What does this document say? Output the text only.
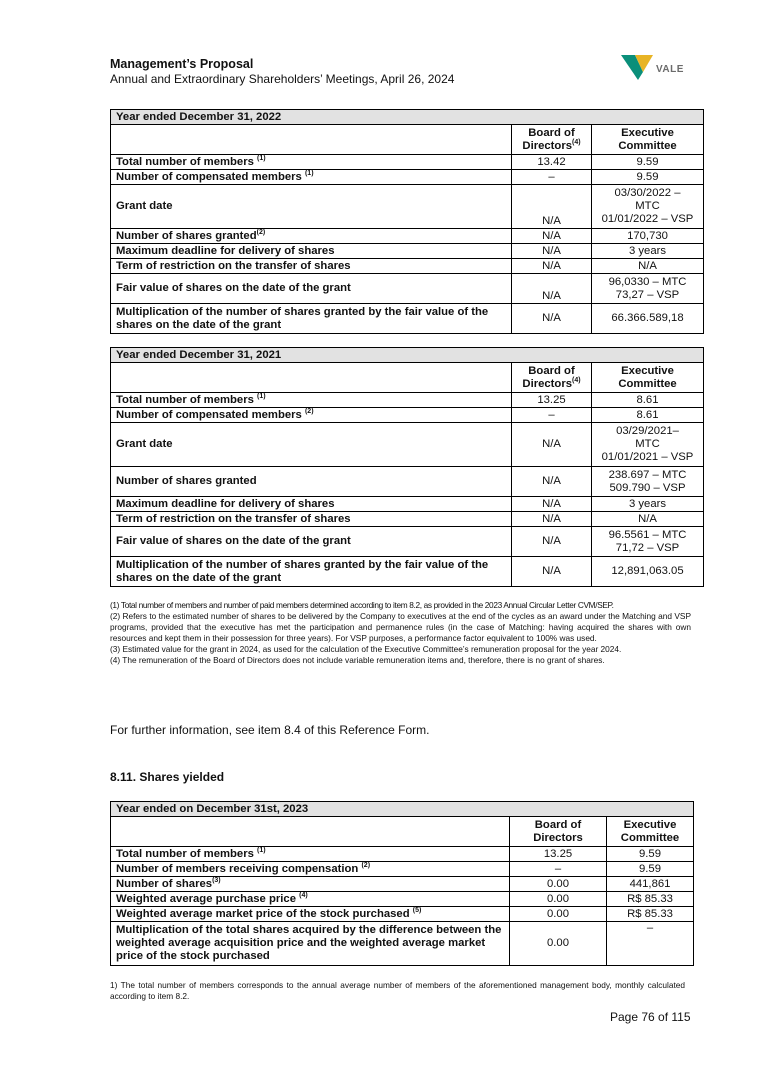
Management’s Proposal
Annual and Extraordinary Shareholders’ Meetings, April 26, 2024
VALE
Year ended December 31, 2022		
	Board of Directors$^{(4)}$	Executive Committee
Total number of members $^{(1)}$	13.42	9.59
Number of compensated members $^{(1)}$	–	9.59
Grant date	N/A	03/30/2022 –
MTC
01/01/2022 – VSP

Number of shares granted$^{(2)}$	N/A	170,730
Maximum deadline for delivery of shares	N/A	3 years
Term of restriction on the transfer of shares	N/A	N/A
Fair value of shares on the date of the grant	N/A	96,0330 – MTC
73,27 – VSP

Multiplication of the number of shares granted by the fair value of the shares on the date of the grant	N/A	66.366.589,18
Year ended December 31, 2021		
	Board of Directors$^{(4)}$	Executive Committee
Total number of members $^{(1)}$	13.25	8.61
Number of compensated members $^{(2)}$	–	8.61
Grant date	N/A	03/29/2021–
MTC
01/01/2021 – VSP

Number of shares granted	N/A	238.697 – MTC
509.790 – VSP

Maximum deadline for delivery of shares	N/A	3 years
Term of restriction on the transfer of shares	N/A	N/A
Fair value of shares on the date of the grant	N/A	96.5561 – MTC
71,72 – VSP

Multiplication of the number of shares granted by the fair value of the shares on the date of the grant	N/A	12,891,063.05

(1) Total number of members and number of paid members determined according to item 8.2, as provided in the 2023 Annual Circular Letter CVM/SEP.

(2) Refers to the estimated number of shares to be delivered by the Company to executives at the end of the cycles as an award under the Matching and VSP programs, provided that the executive has met the participation and permanence rules (in the case of Matching: having acquired the shares with own resources and kept them in their possession for three years). For VSP purposes, a performance factor equivalent to 100% was used.

(3) Estimated value for the grant in 2024, as used for the calculation of the Executive Committee’s remuneration proposal for the year 2024.

(4) The remuneration of the Board of Directors does not include variable remuneration items and, therefore, there is no grant of shares.

For further information, see item 8.4 of this Reference Form.
8.11. Shares yielded
Year ended on December 31st, 2023		
	Board of Directors	Executive Committee
Total number of members $^{(1)}$	13.25	9.59
Number of members receiving compensation $^{(2)}$	–	9.59
Number of shares$^{(3)}$	0.00	441,861
Weighted average purchase price $^{(4)}$	0.00	R$ 85.33
Weighted average market price of the stock purchased $^{(5)}$	0.00	R$ 85.33
Multiplication of the total shares acquired by the difference between the weighted average acquisition price and the weighted average market price of the stock purchased	0.00	–

1) The total number of members corresponds to the annual average number of members of the aforementioned management body, monthly calculated according to item 8.2.

Page 76 of 115
